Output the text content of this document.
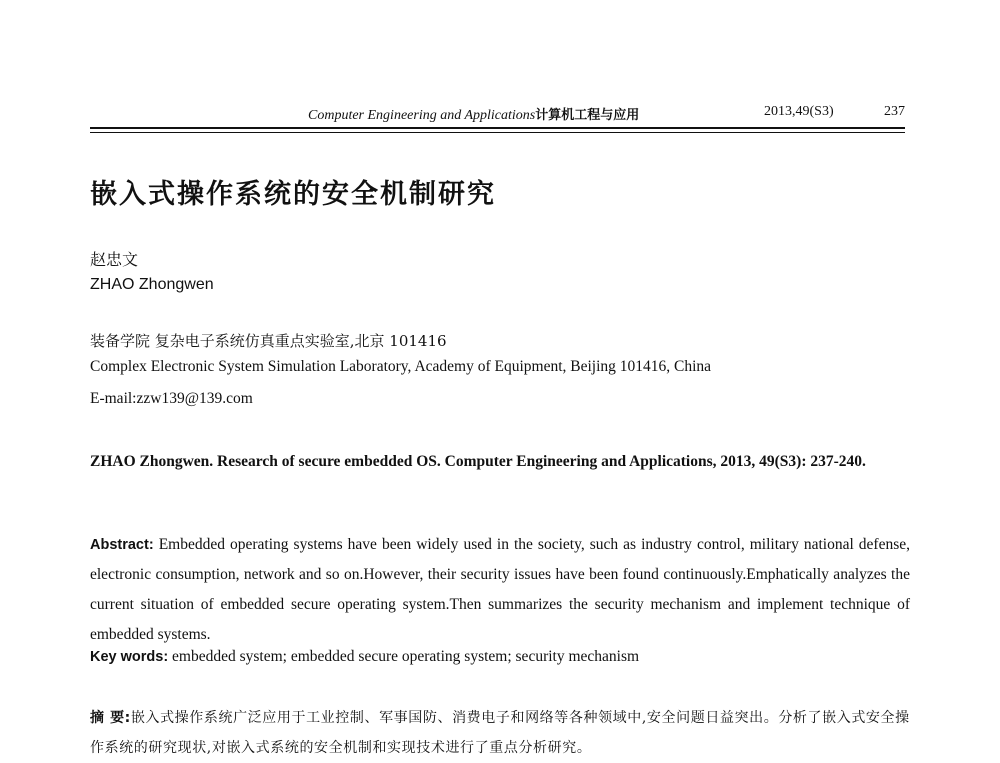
Computer Engineering and Applications计算机工程与应用	2013,49(S3)	237
嵌入式操作系统的安全机制研究
赵忠文
ZHAO Zhongwen
装备学院 复杂电子系统仿真重点实验室,北京 101416
Complex Electronic System Simulation Laboratory, Academy of Equipment, Beijing 101416, China
E-mail:zzw139@139.com
ZHAO Zhongwen. Research of secure embedded OS. Computer Engineering and Applications, 2013, 49(S3): 237-240.
Abstract: Embedded operating systems have been widely used in the society, such as industry control, military national defense, electronic consumption, network and so on.However, their security issues have been found continuously.Emphatically analyzes the current situation of embedded secure operating system.Then summarizes the security mechanism and implement technique of embedded systems.
Key words: embedded system; embedded secure operating system; security mechanism
摘 要:嵌入式操作系统广泛应用于工业控制、军事国防、消费电子和网络等各种领域中,安全问题日益突出。分析了嵌入式安全操作系统的研究现状,对嵌入式系统的安全机制和实现技术进行了重点分析研究。
